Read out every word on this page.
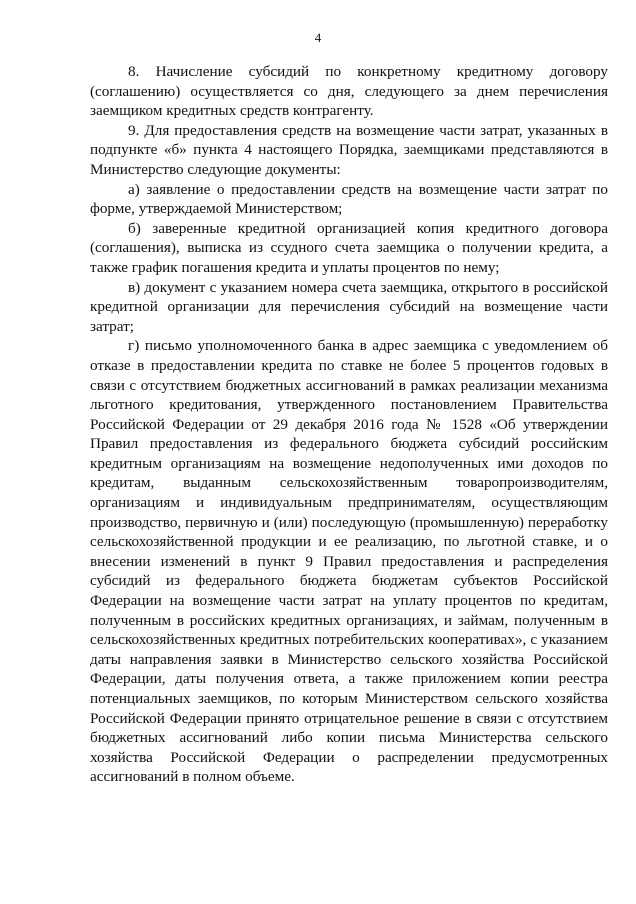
4

8. Начисление субсидий по конкретному кредитному договору (соглашению) осуществляется со дня, следующего за днем перечисления заемщиком кредитных средств контрагенту.

9. Для предоставления средств на возмещение части затрат, указанных в подпункте «б» пункта 4 настоящего Порядка, заемщиками представляются в Министерство следующие документы:

а) заявление о предоставлении средств на возмещение части затрат по форме, утверждаемой Министерством;

б) заверенные кредитной организацией копия кредитного договора (соглашения), выписка из ссудного счета заемщика о получении кредита, а также график погашения кредита и уплаты процентов по нему;

в) документ с указанием номера счета заемщика, открытого в российской кредитной организации для перечисления субсидий на возмещение части затрат;

г) письмо уполномоченного банка в адрес заемщика с уведомлением об отказе в предоставлении кредита по ставке не более 5 процентов годовых в связи с отсутствием бюджетных ассигнований в рамках реализации механизма льготного кредитования, утвержденного постановлением Правительства Российской Федерации от 29 декабря 2016 года № 1528 «Об утверждении Правил предоставления из федерального бюджета субсидий российским кредитным организациям на возмещение недополученных ими доходов по кредитам, выданным сельскохозяйственным товаропроизводителям, организациям и индивидуальным предпринимателям, осуществляющим производство, первичную и (или) последующую (промышленную) переработку сельскохозяйственной продукции и ее реализацию, по льготной ставке, и о внесении изменений в пункт 9 Правил предоставления и распределения субсидий из федерального бюджета бюджетам субъектов Российской Федерации на возмещение части затрат на уплату процентов по кредитам, полученным в российских кредитных организациях, и займам, полученным в сельскохозяйственных кредитных потребительских кооперативах», с указанием даты направления заявки в Министерство сельского хозяйства Российской Федерации, даты получения ответа, а также приложением копии реестра потенциальных заемщиков, по которым Министерством сельского хозяйства Российской Федерации принято отрицательное решение в связи с отсутствием бюджетных ассигнований либо копии письма Министерства сельского хозяйства Российской Федерации о распределении предусмотренных ассигнований в полном объеме.
